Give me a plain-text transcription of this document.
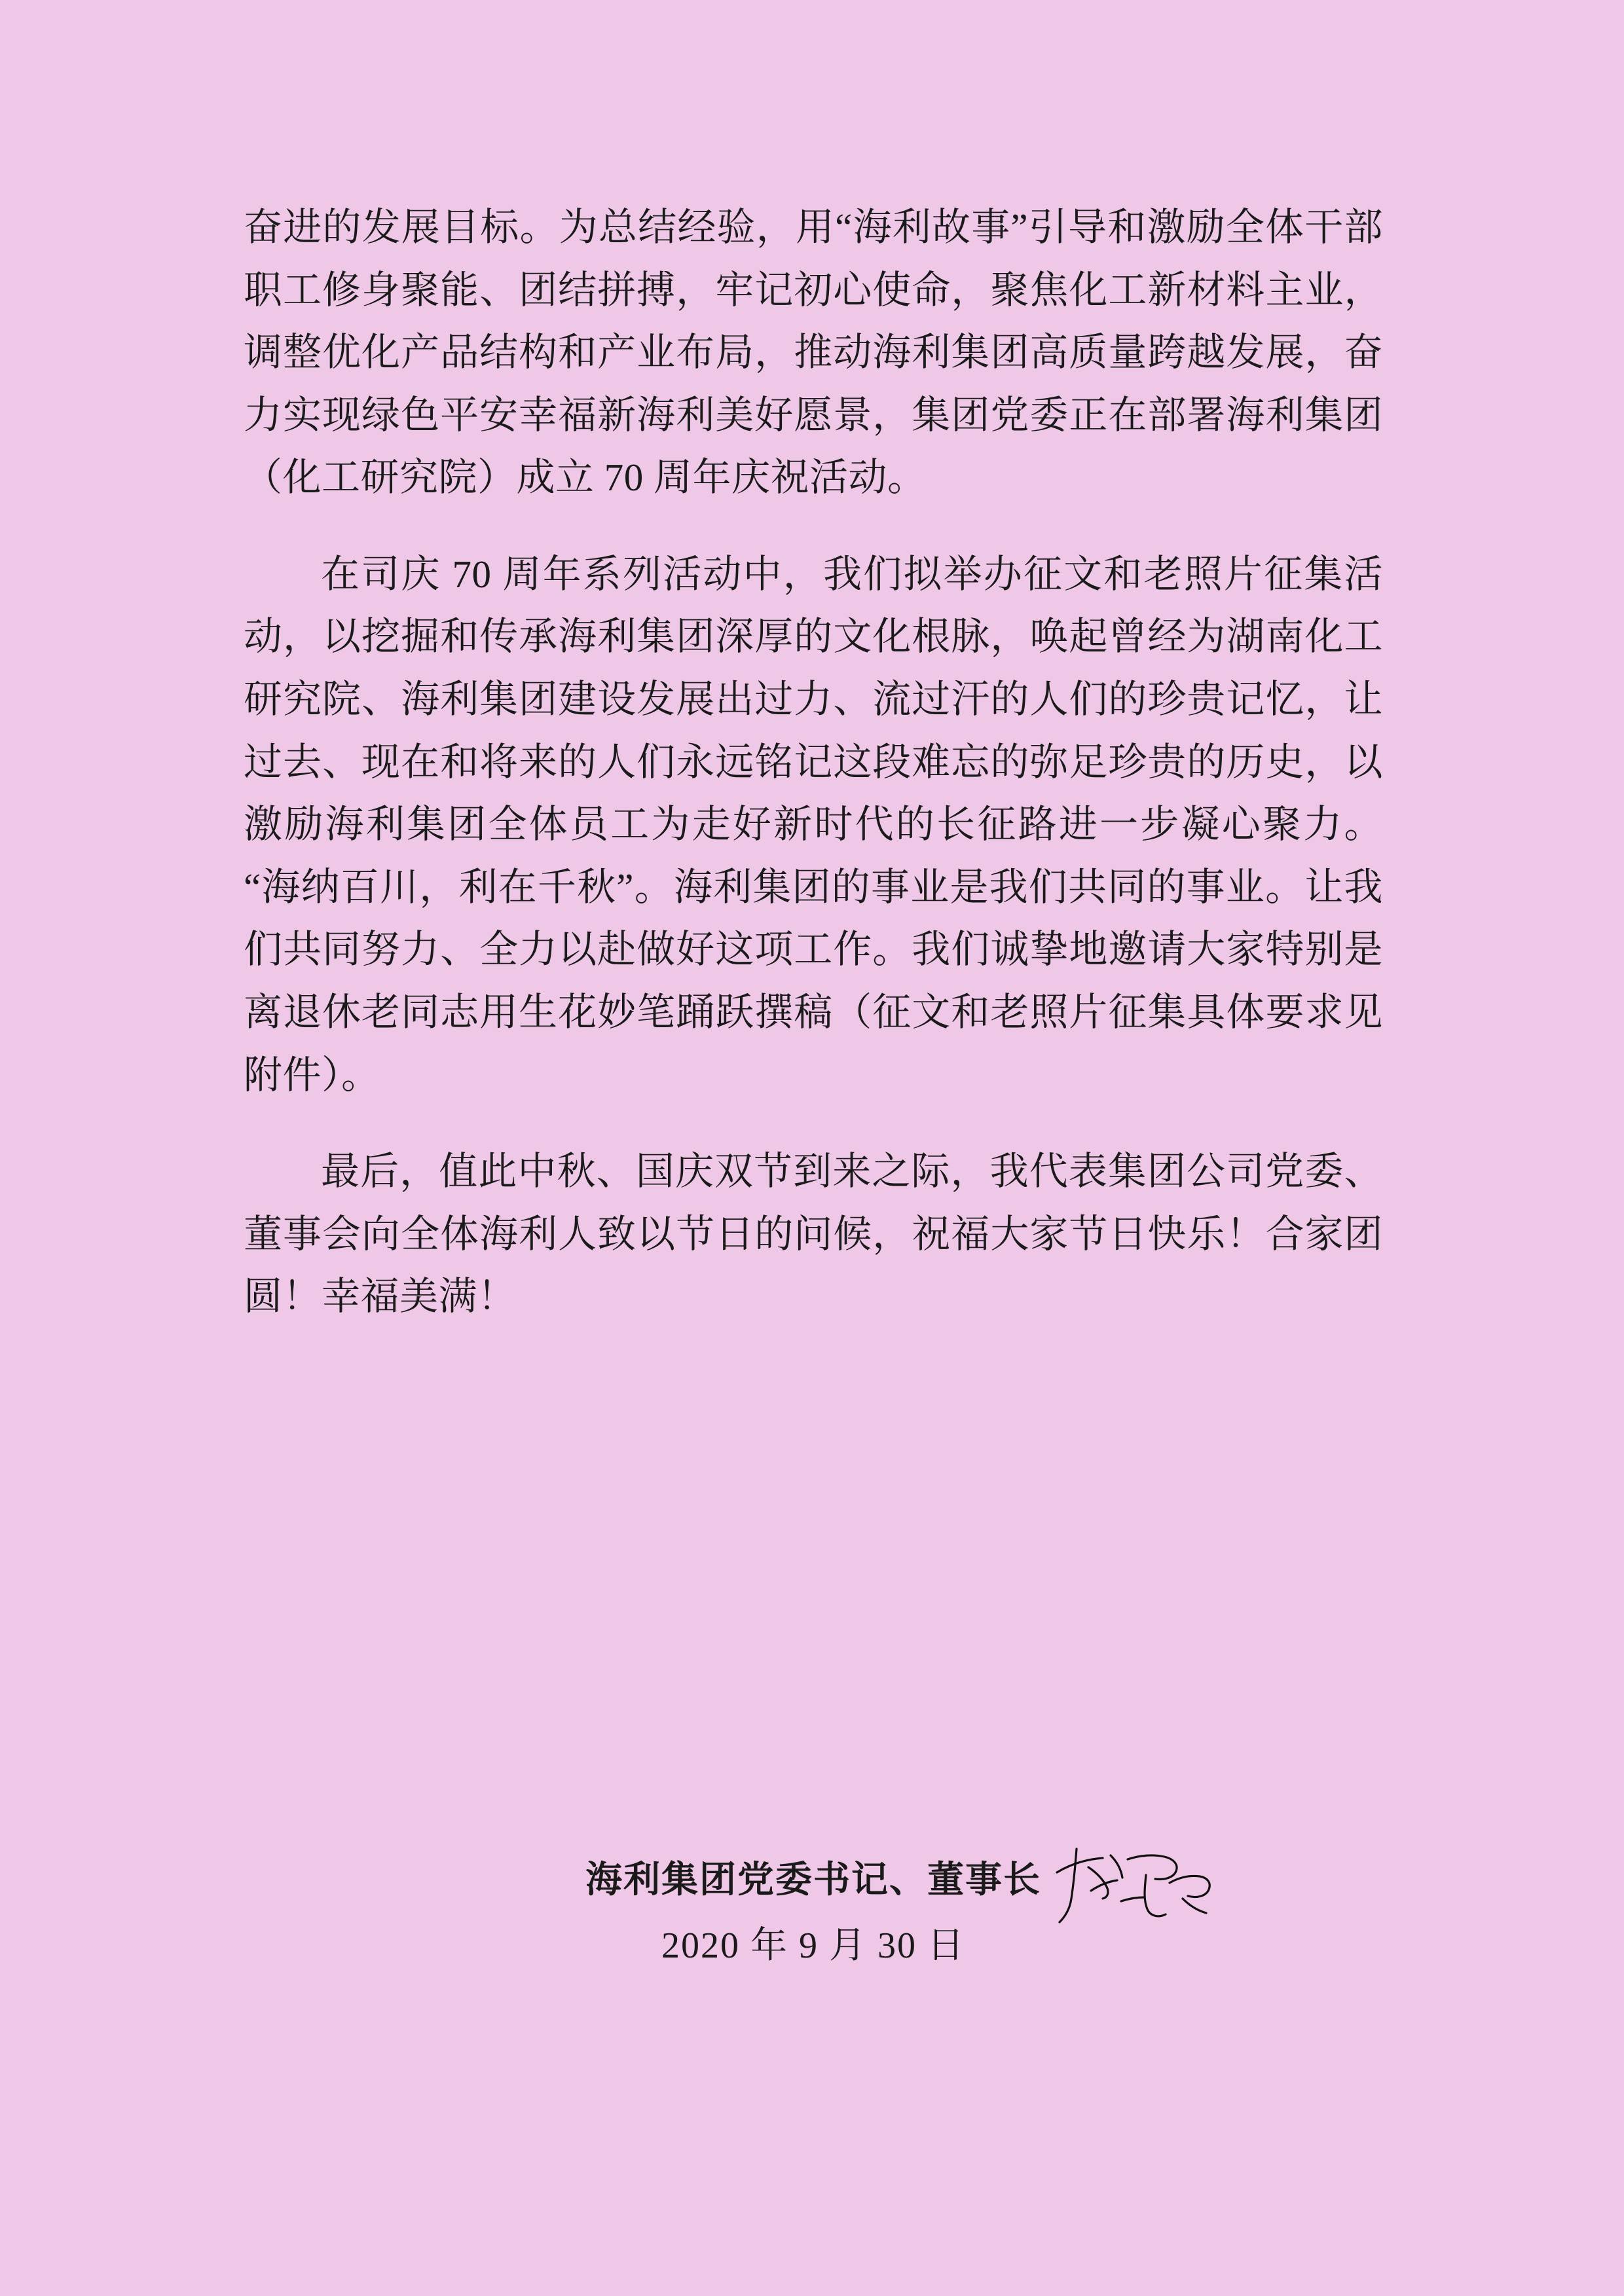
奋进的发展目标。为总结经验，用“海利故事”引导和激励全体干部职工修身聚能、团结拼搏，牢记初心使命，聚焦化工新材料主业，调整优化产品结构和产业布局，推动海利集团高质量跨越发展，奋力实现绿色平安幸福新海利美好愿景，集团党委正在部署海利集团（化工研究院）成立 70 周年庆祝活动。

在司庆 70 周年系列活动中，我们拟举办征文和老照片征集活动，以挖掘和传承海利集团深厚的文化根脉，唤起曾经为湖南化工研究院、海利集团建设发展出过力、流过汗的人们的珍贵记忆，让过去、现在和将来的人们永远铭记这段难忘的弥足珍贵的历史，以激励海利集团全体员工为走好新时代的长征路进一步凝心聚力。“海纳百川，利在千秋”。海利集团的事业是我们共同的事业。让我们共同努力、全力以赴做好这项工作。我们诚挚地邀请大家特别是离退休老同志用生花妙笔踊跃撰稿（征文和老照片征集具体要求见附件）。

最后，值此中秋、国庆双节到来之际，我代表集团公司党委、董事会向全体海利人致以节日的问候，祝福大家节日快乐！合家团圆！幸福美满！

海利集团党委书记、董事长
2020 年 9 月 30 日
